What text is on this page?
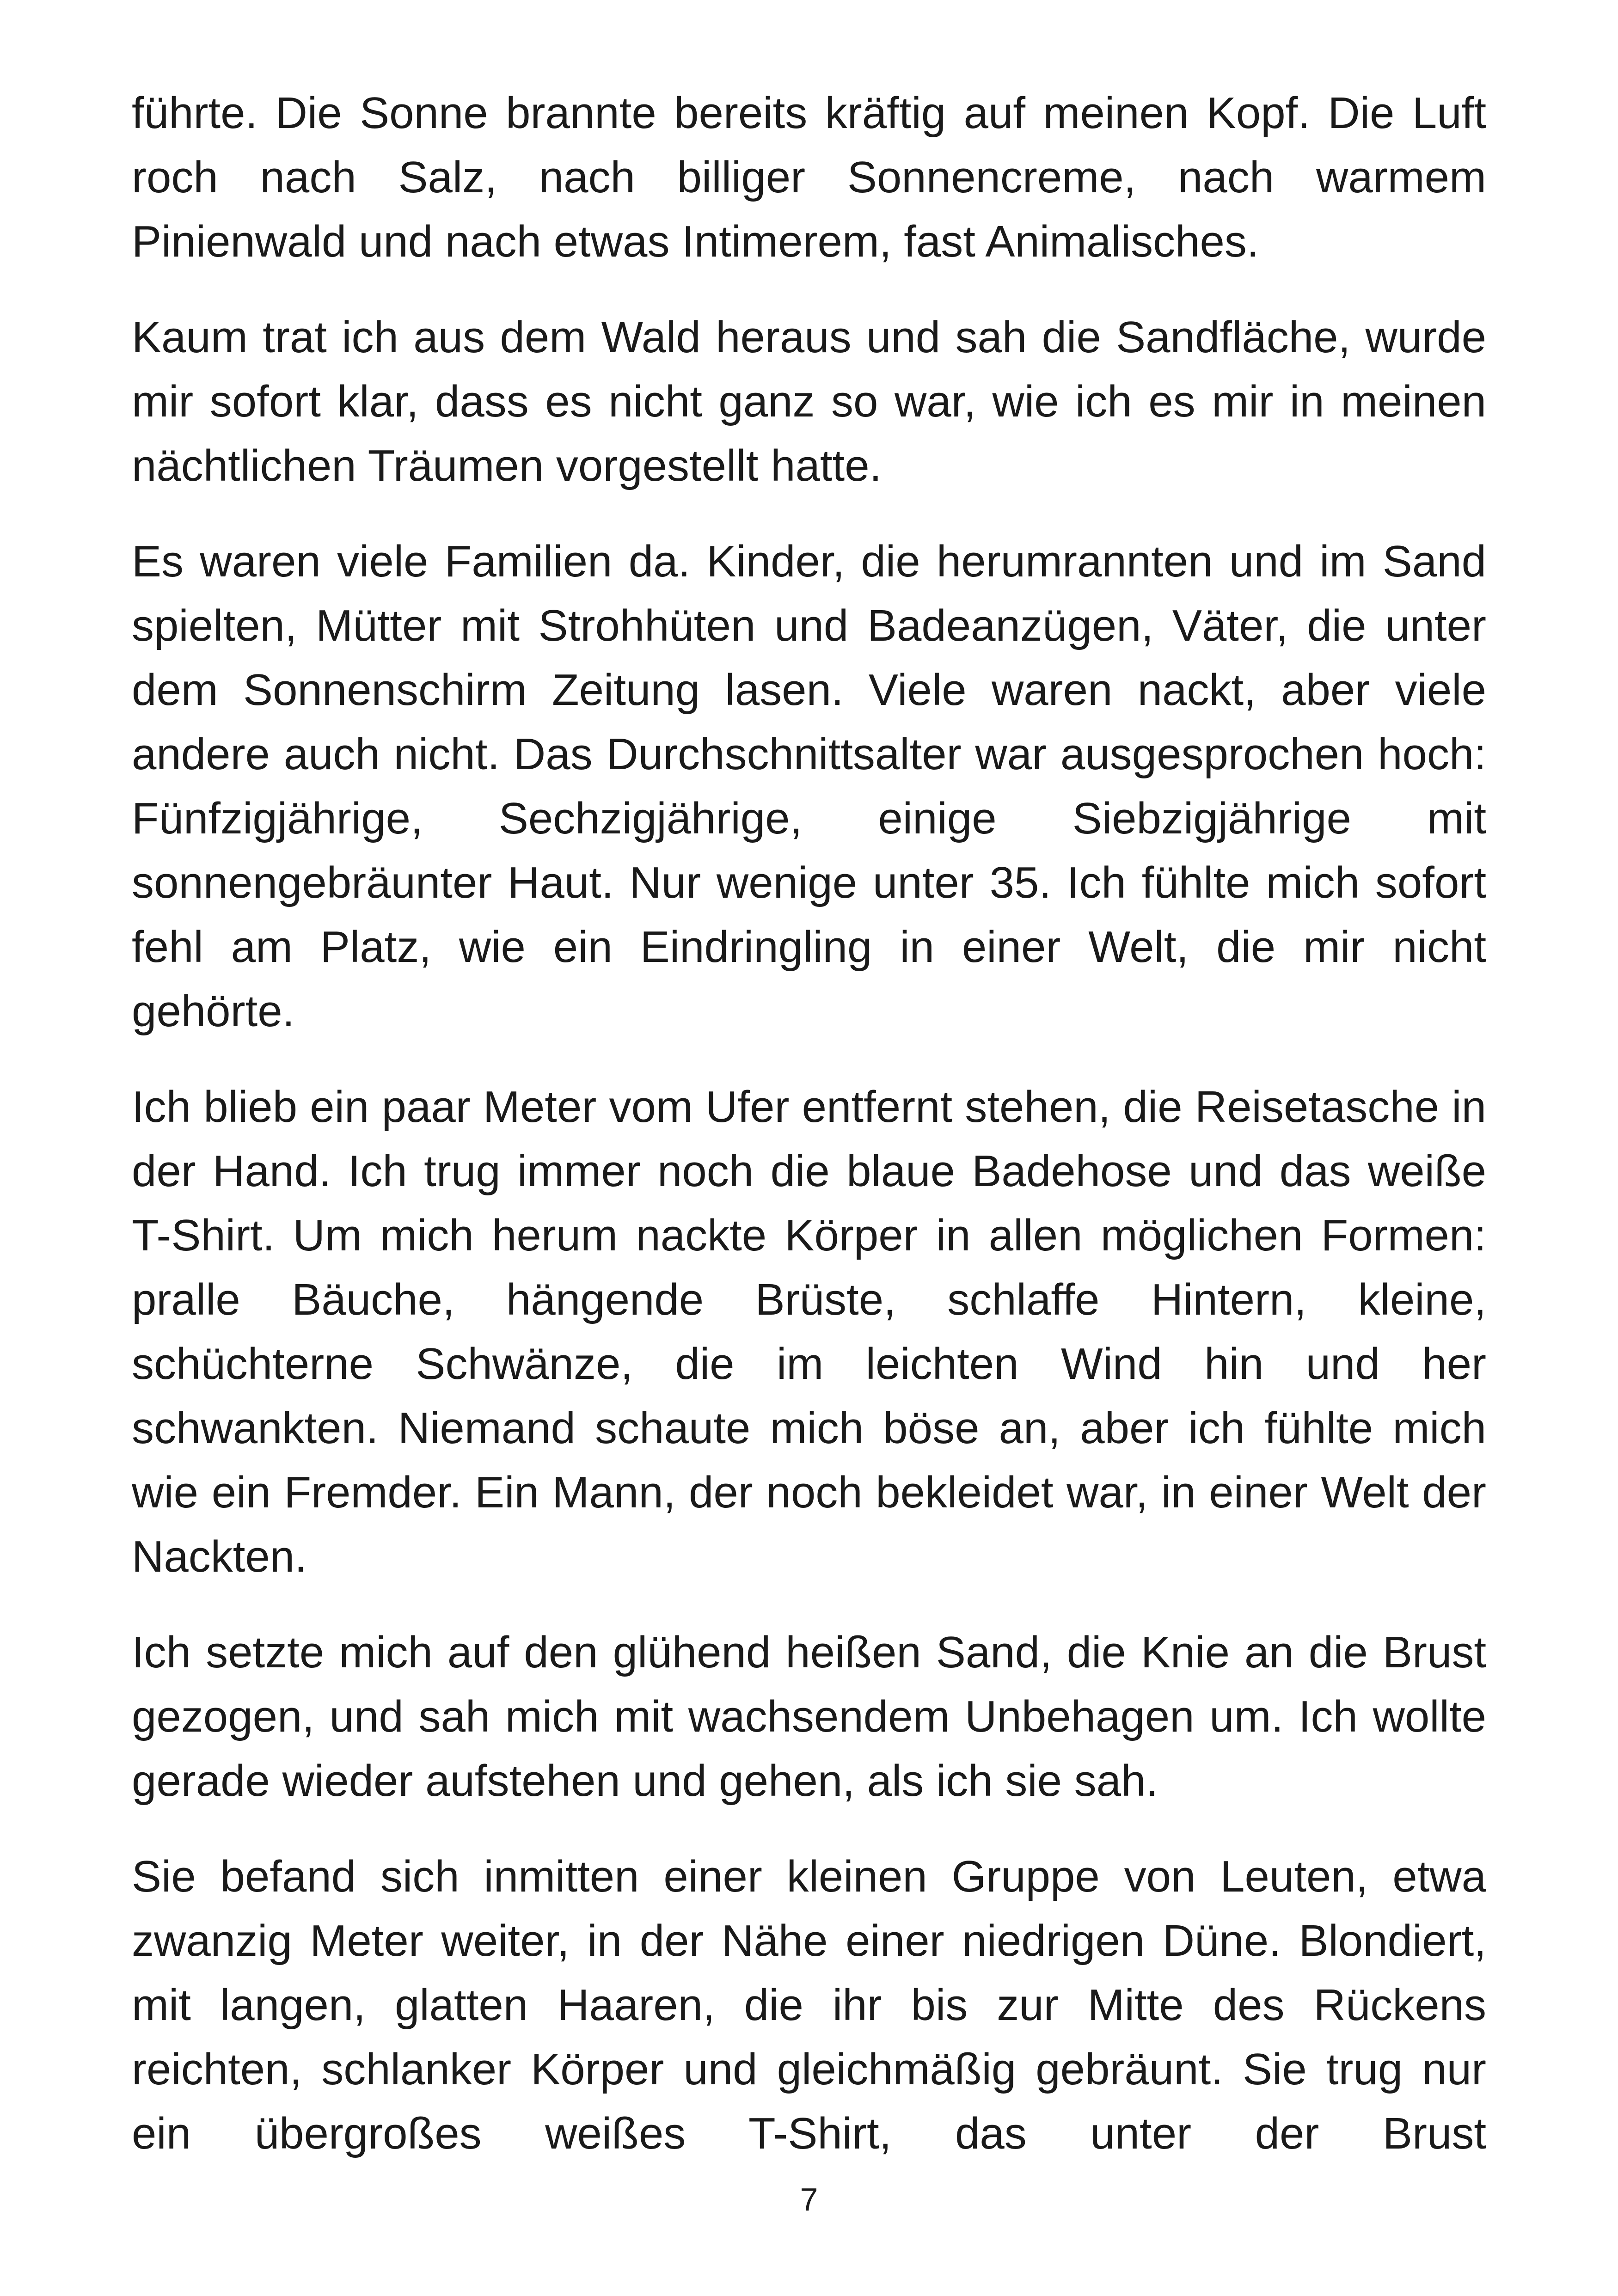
führte. Die Sonne brannte bereits kräftig auf meinen Kopf. Die Luft roch nach Salz, nach billiger Sonnencreme, nach warmem Pinienwald und nach etwas Intimerem, fast Animalisches.

Kaum trat ich aus dem Wald heraus und sah die Sandfläche, wurde mir sofort klar, dass es nicht ganz so war, wie ich es mir in meinen nächtlichen Träumen vorgestellt hatte.

Es waren viele Familien da. Kinder, die herumrannten und im Sand spielten, Mütter mit Strohhüten und Badeanzügen, Väter, die unter dem Sonnenschirm Zeitung lasen. Viele waren nackt, aber viele andere auch nicht. Das Durchschnittsalter war ausgesprochen hoch: Fünfzigjährige, Sechzigjährige, einige Siebzigjährige mit sonnengebräunter Haut. Nur wenige unter 35. Ich fühlte mich sofort fehl am Platz, wie ein Eindringling in einer Welt, die mir nicht gehörte.

Ich blieb ein paar Meter vom Ufer entfernt stehen, die Reisetasche in der Hand. Ich trug immer noch die blaue Badehose und das weiße T-Shirt. Um mich herum nackte Körper in allen möglichen Formen: pralle Bäuche, hängende Brüste, schlaffe Hintern, kleine, schüchterne Schwänze, die im leichten Wind hin und her schwankten. Niemand schaute mich böse an, aber ich fühlte mich wie ein Fremder. Ein Mann, der noch bekleidet war, in einer Welt der Nackten.

Ich setzte mich auf den glühend heißen Sand, die Knie an die Brust gezogen, und sah mich mit wachsendem Unbehagen um. Ich wollte gerade wieder aufstehen und gehen, als ich sie sah.

Sie befand sich inmitten einer kleinen Gruppe von Leuten, etwa zwanzig Meter weiter, in der Nähe einer niedrigen Düne. Blondiert, mit langen, glatten Haaren, die ihr bis zur Mitte des Rückens reichten, schlanker Körper und gleichmäßig gebräunt. Sie trug nur ein übergroßes weißes T-Shirt, das unter der Brust

7
